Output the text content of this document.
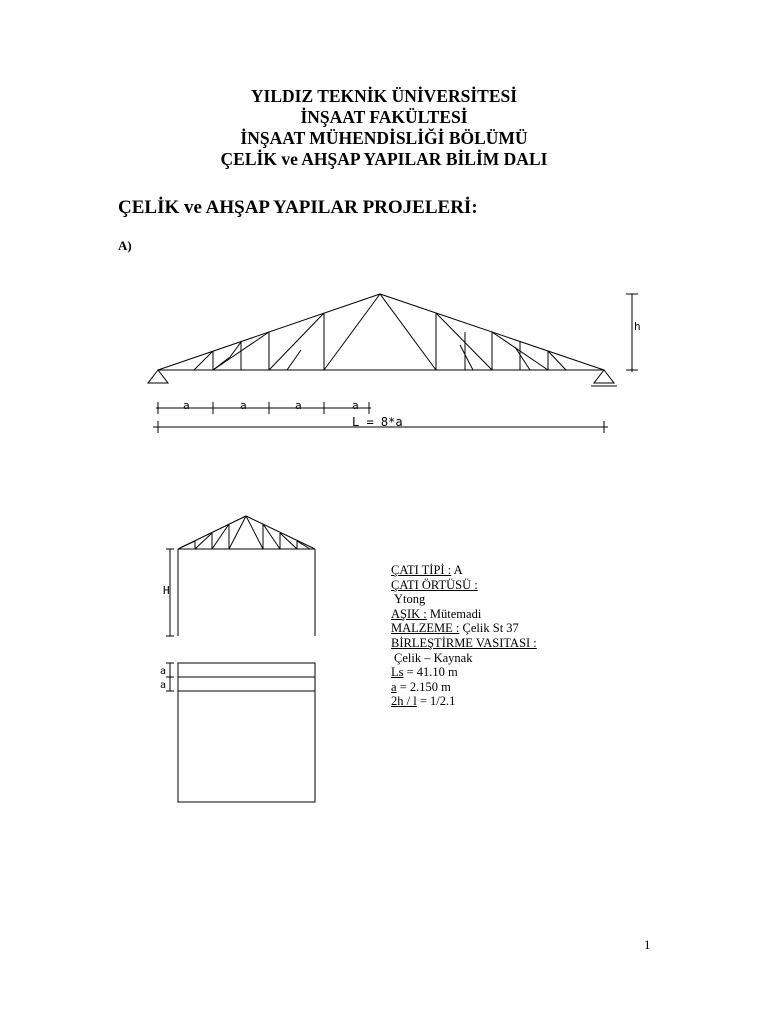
YILDIZ TEKNİK ÜNİVERSİTESİ
İNŞAAT FAKÜLTESİ
İNŞAAT MÜHENDİSLİĞİ BÖLÜMÜ
ÇELİK ve AHŞAP YAPILAR BİLİM DALI
ÇELİK ve AHŞAP YAPILAR PROJELERİ:
A)
h
a	a	a	a
L = 8*a
H
a
a
ÇATI TİPİ : A
ÇATI ÖRTÜSÜ :
Ytong
AŞIK : Mütemadi
MALZEME : Çelik St 37
BİRLEŞTİRME VASITASI :
Çelik – Kaynak
Ls = 41.10 m
a = 2.150 m
2h / l = 1/2.1
1
